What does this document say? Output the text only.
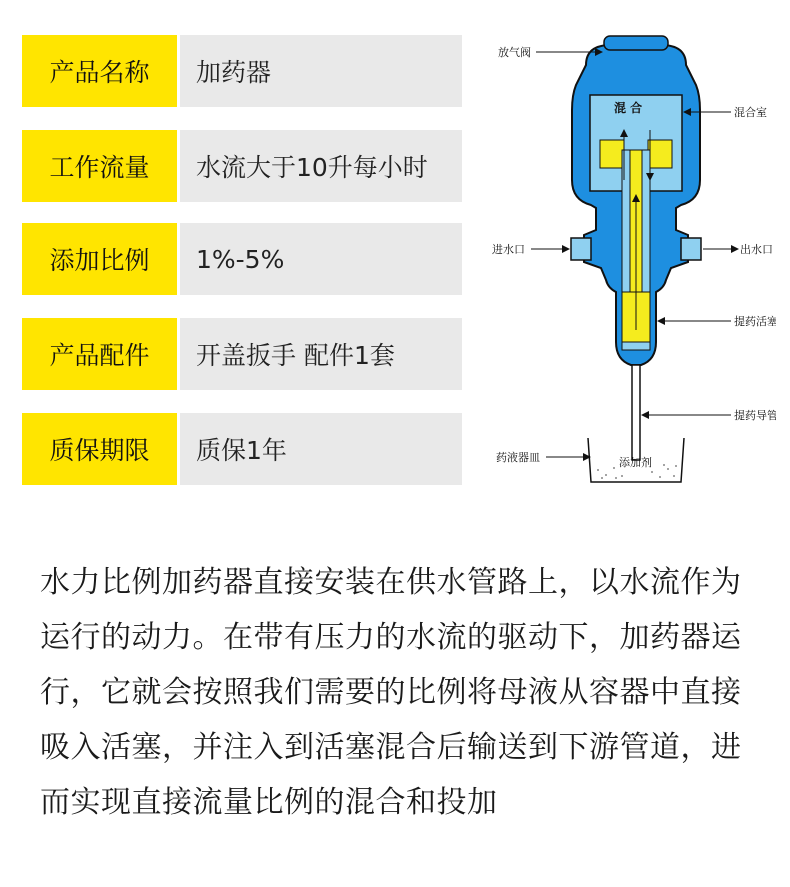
产品名称	加药器
工作流量	水流大于10升每小时
添加比例	1%-5%
产品配件	开盖扳手 配件1套
质保期限	质保1年
放气阀
混 合	混合室
进水口	出水口
提药活塞
提药导管
药液器皿	添加剂
水力比例加药器直接安装在供水管路上，以水流作为运行的动力。在带有压力的水流的驱动下，加药器运行，它就会按照我们需要的比例将母液从容器中直接吸入活塞，并注入到活塞混合后输送到下游管道，进而实现直接流量比例的混合和投加
